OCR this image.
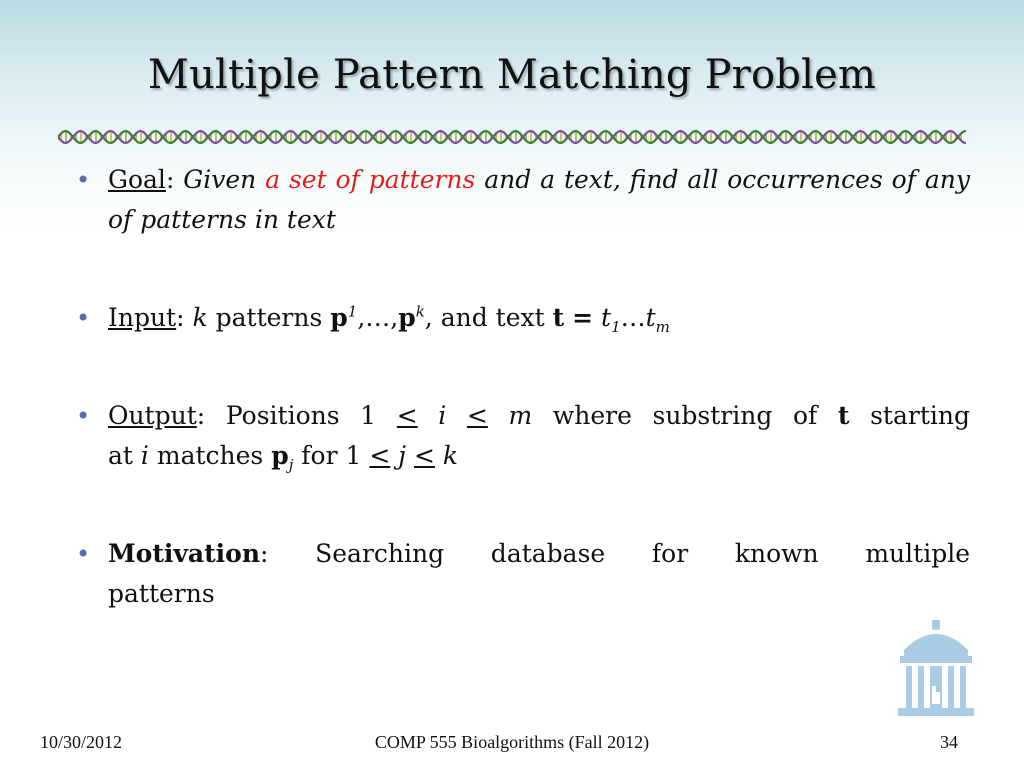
Multiple Pattern Matching Problem
• Goal: Given a set of patterns and a text, find all occurrences of any of patterns in text
• Input: k patterns $p^1,\dots,p^k$, and text $t = t_1\dots t_m$
• Output: Positions 1 < i < m where substring of t starting
at i matches $p_j$ for 1 < j < k
• Motivation: Searching database for known multiple
patterns
10/30/2012	COMP 555 Bioalgorithms (Fall 2012)	34
